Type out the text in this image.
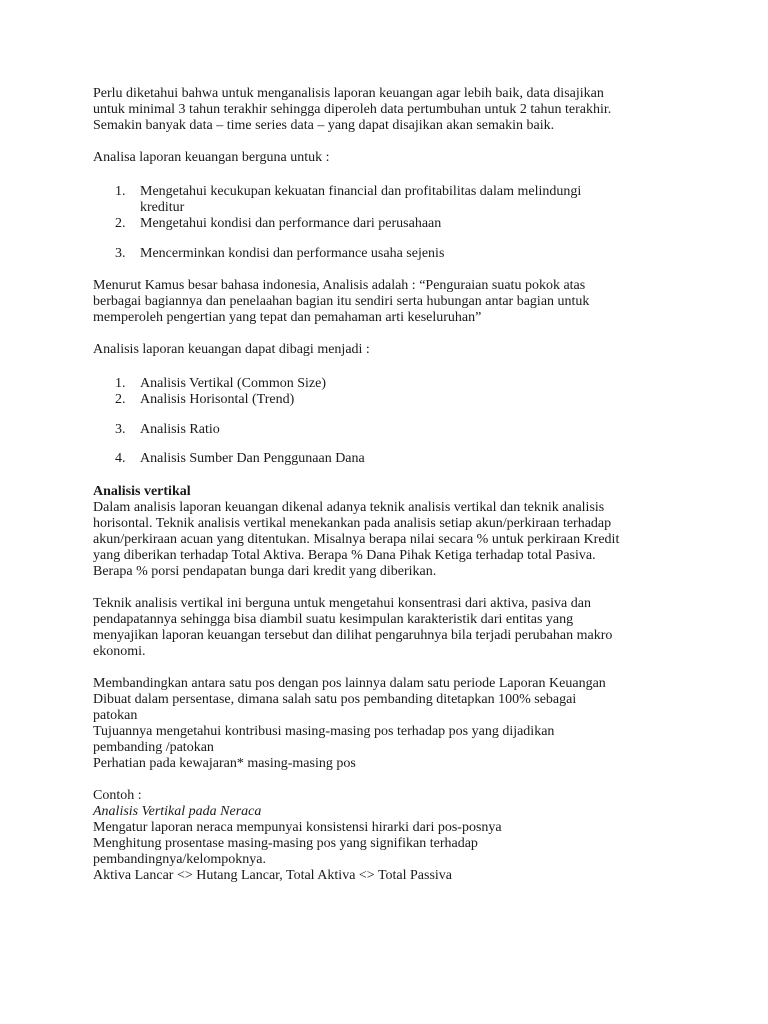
Perlu diketahui bahwa untuk menganalisis laporan keuangan agar lebih baik, data disajikan
untuk minimal 3 tahun terakhir sehingga diperoleh data pertumbuhan untuk 2 tahun terakhir.
Semakin banyak data – time series data – yang dapat disajikan akan semakin baik.

Analisa laporan keuangan berguna untuk :

1.	Mengetahui kecukupan kekuatan financial dan profitabilitas dalam melindungi
kreditur
2.	Mengetahui kondisi dan performance dari perusahaan
3.	Mencerminkan kondisi dan performance usaha sejenis

Menurut Kamus besar bahasa indonesia, Analisis adalah : “Penguraian suatu pokok atas
berbagai bagiannya dan penelaahan bagian itu sendiri serta hubungan antar bagian untuk
memperoleh pengertian yang tepat dan pemahaman arti keseluruhan”

Analisis laporan keuangan dapat dibagi menjadi :

1.	Analisis Vertikal (Common Size)
2.	Analisis Horisontal (Trend)
3.	Analisis Ratio
4.	Analisis Sumber Dan Penggunaan Dana

Analisis vertikal

Dalam analisis laporan keuangan dikenal adanya teknik analisis vertikal dan teknik analisis
horisontal. Teknik analisis vertikal menekankan pada analisis setiap akun/perkiraan terhadap
akun/perkiraan acuan yang ditentukan. Misalnya berapa nilai secara % untuk perkiraan Kredit
yang diberikan terhadap Total Aktiva. Berapa % Dana Pihak Ketiga terhadap total Pasiva.
Berapa % porsi pendapatan bunga dari kredit yang diberikan.

Teknik analisis vertikal ini berguna untuk mengetahui konsentrasi dari aktiva, pasiva dan
pendapatannya sehingga bisa diambil suatu kesimpulan karakteristik dari entitas yang
menyajikan laporan keuangan tersebut dan dilihat pengaruhnya bila terjadi perubahan makro
ekonomi.

Membandingkan antara satu pos dengan pos lainnya dalam satu periode Laporan Keuangan
Dibuat dalam persentase, dimana salah satu pos pembanding ditetapkan 100% sebagai
patokan
Tujuannya mengetahui kontribusi masing-masing pos terhadap pos yang dijadikan
pembanding /patokan
Perhatian pada kewajaran* masing-masing pos

Contoh :

Analisis Vertikal pada Neraca

Mengatur laporan neraca mempunyai konsistensi hirarki dari pos-posnya
Menghitung prosentase masing-masing pos yang signifikan terhadap
pembandingnya/kelompoknya.
Aktiva Lancar <> Hutang Lancar, Total Aktiva <> Total Passiva
